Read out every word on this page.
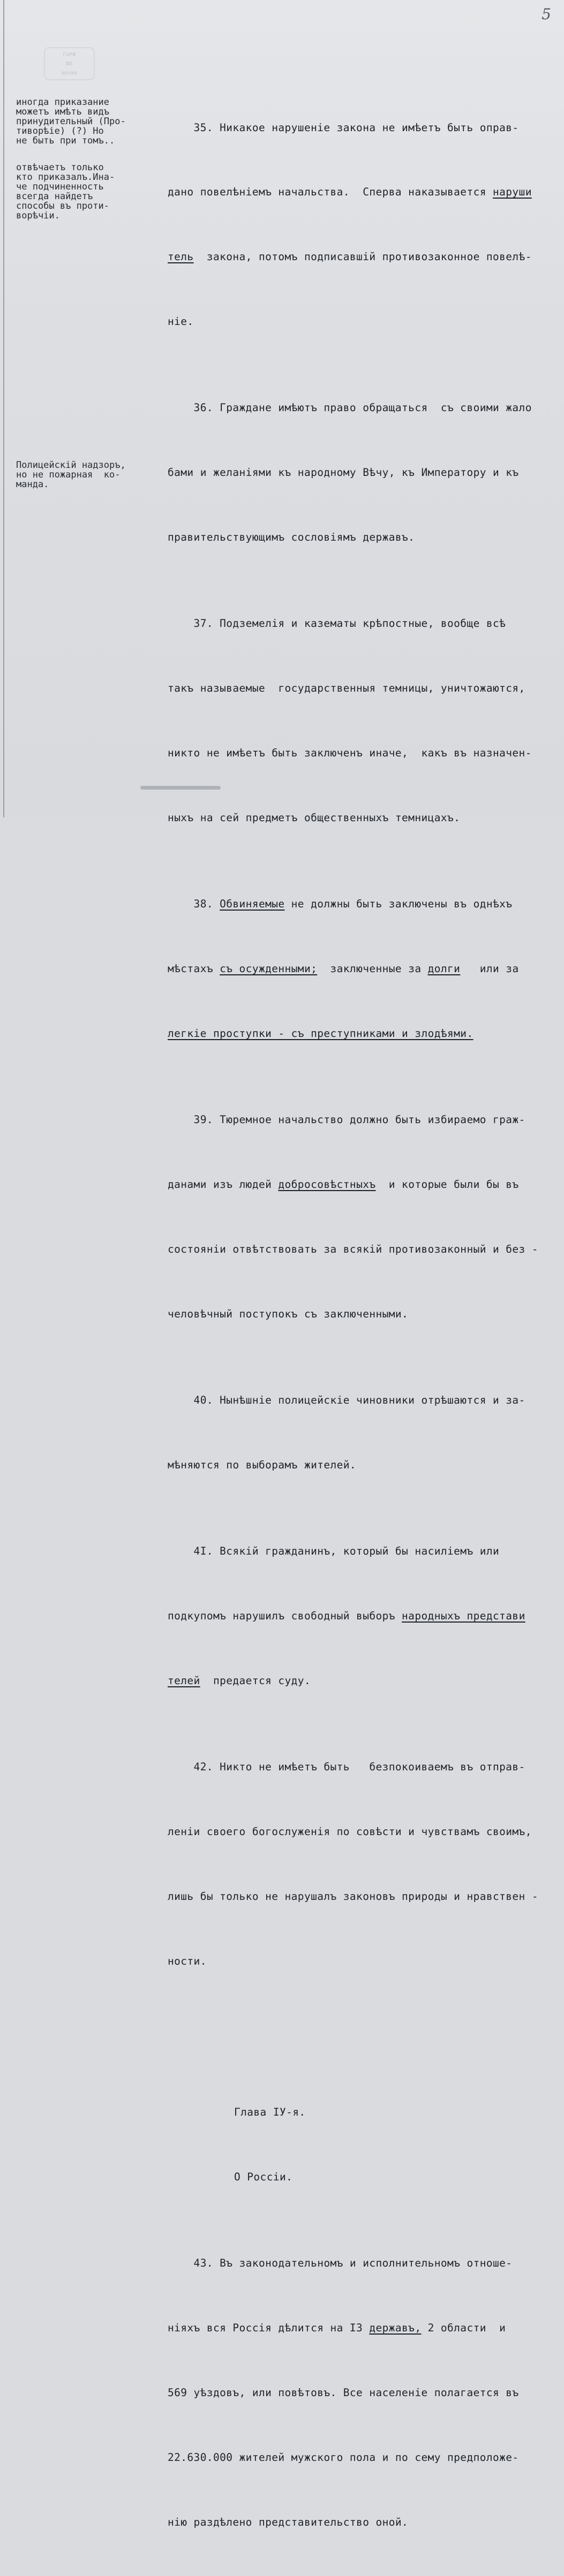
5
ГАРФ
№5
архив
иногда приказание
можетъ имѣть видъ
принудительный (Про-
тиворѣіе) (?) Но
не быть при томъ..
отвѣчаетъ только
кто приказалъ.Ина-
че подчиненность
всегда найдетъ
способы въ проти-
ворѣчіи.
Полицейскій надзоръ,
но не пожарная  ко-
манда.

35. Никакое нарушеніе закона не имѣетъ быть оправ-

дано повелѣніемъ начальства.  Сперва наказывается наруши

тель  закона, потомъ подписавшій противозаконное повелѣ-

ніе.

36. Граждане имѣютъ право обращаться  съ своими жало

бами и желаніями къ народному Вѣчу, къ Императору и къ

правительствующимъ сословіямъ державъ.

37. Подземелія и казематы крѣпостные, вообще всѣ

такъ называемые  государственныя темницы, уничтожаются,

никто не имѣетъ быть заключенъ иначе,  какъ въ назначен-

ныхъ на сей предметъ общественныхъ темницахъ.

38. Обвиняемые не должны быть заключены въ однѣхъ

мѣстахъ съ осужденными;  заключенные за долги   или за

легкіе проступки - съ преступниками и злодѣями.

39. Тюремное начальство должно быть избираемо граж-

данами изъ людей добросовѣстныхъ  и которые были бы въ

состояніи отвѣтствовать за всякій противозаконный и без -

человѣчный поступокъ съ заключенными.

40. Нынѣшніе полицейскіе чиновники отрѣшаются и за-

мѣняются по выборамъ жителей.

4I. Всякій гражданинъ, который бы насиліемъ или

подкупомъ нарушилъ свободный выборъ народныхъ представи

телей  предается суду.

42. Никто не имѣетъ быть   безпокоиваемъ въ отправ-

леніи своего богослуженія по совѣсти и чувствамъ своимъ,

лишь бы только не нарушалъ законовъ природы и нравствен -

ности.

Глава IУ-я.

О Россіи.

43. Въ законодательномъ и исполнительномъ отноше-

ніяхъ вся Россія дѣлится на I3 державъ, 2 области  и

569 уѣздовъ, или повѣтовъ. Все населеніе полагается въ

22.630.000 жителей мужского пола и по сему предположе-

нію раздѣлено представительство оной.
